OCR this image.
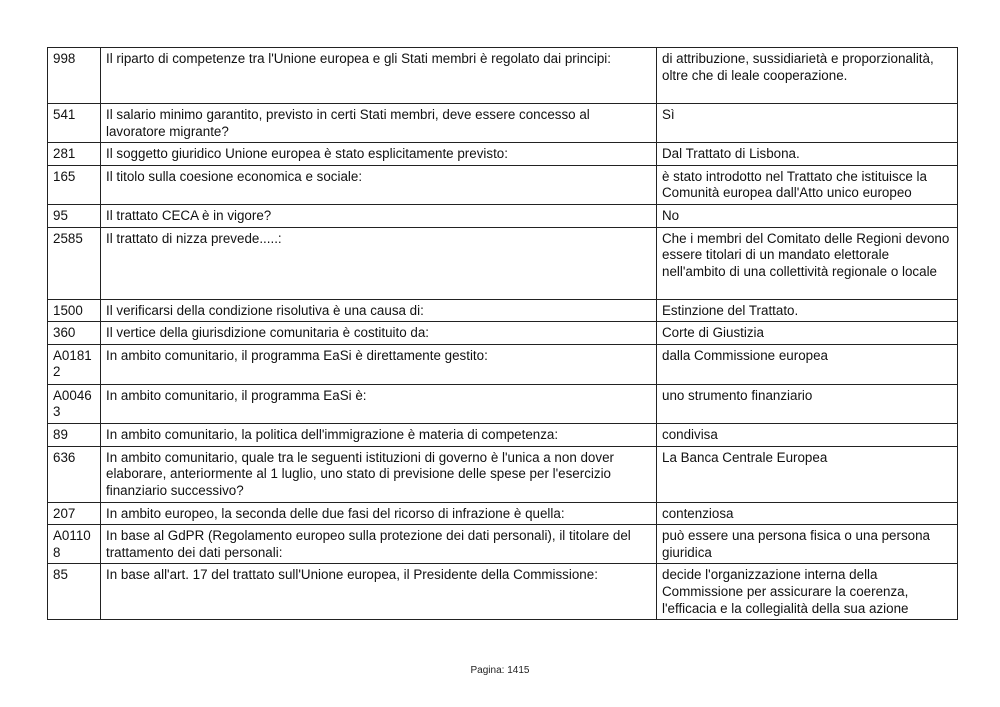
998	Il riparto di competenze tra l'Unione europea e gli Stati membri è regolato dai principi:	di attribuzione, sussidiarietà e proporzionalità, oltre che di leale cooperazione.
541	Il salario minimo garantito, previsto in certi Stati membri, deve essere concesso al lavoratore migrante?	Sì
281	Il soggetto giuridico Unione europea è stato esplicitamente previsto:	Dal Trattato di Lisbona.
165	Il titolo sulla coesione economica e sociale:	è stato introdotto nel Trattato che istituisce la Comunità europea dall'Atto unico europeo
95	Il trattato CECA è in vigore?	No
2585	Il trattato di nizza prevede.....:	Che i membri del Comitato delle Regioni devono essere titolari di un mandato elettorale nell'ambito di una collettività regionale o locale
1500	Il verificarsi della condizione risolutiva è una causa di:	Estinzione del Trattato.
360	Il vertice della giurisdizione comunitaria è costituito da:	Corte di Giustizia
A01812	In ambito comunitario, il programma EaSi è direttamente gestito:	dalla Commissione europea
A00463	In ambito comunitario, il programma EaSi è:	uno strumento finanziario
89	In ambito comunitario, la politica dell'immigrazione è materia di competenza:	condivisa
636	In ambito comunitario, quale tra le seguenti istituzioni di governo è l'unica a non dover elaborare, anteriormente al 1 luglio, uno stato di previsione delle spese per l'esercizio finanziario successivo?	La Banca Centrale Europea
207	In ambito europeo, la seconda delle due fasi del ricorso di infrazione è quella:	contenziosa
A01108	In base al GdPR (Regolamento europeo sulla protezione dei dati personali), il titolare del trattamento dei dati personali:	può essere una persona fisica o una persona giuridica
85	In base all'art. 17 del trattato sull'Unione europea, il Presidente della Commissione:	decide l'organizzazione interna della Commissione per assicurare la coerenza, l'efficacia e la collegialità della sua azione
Pagina: 1415
